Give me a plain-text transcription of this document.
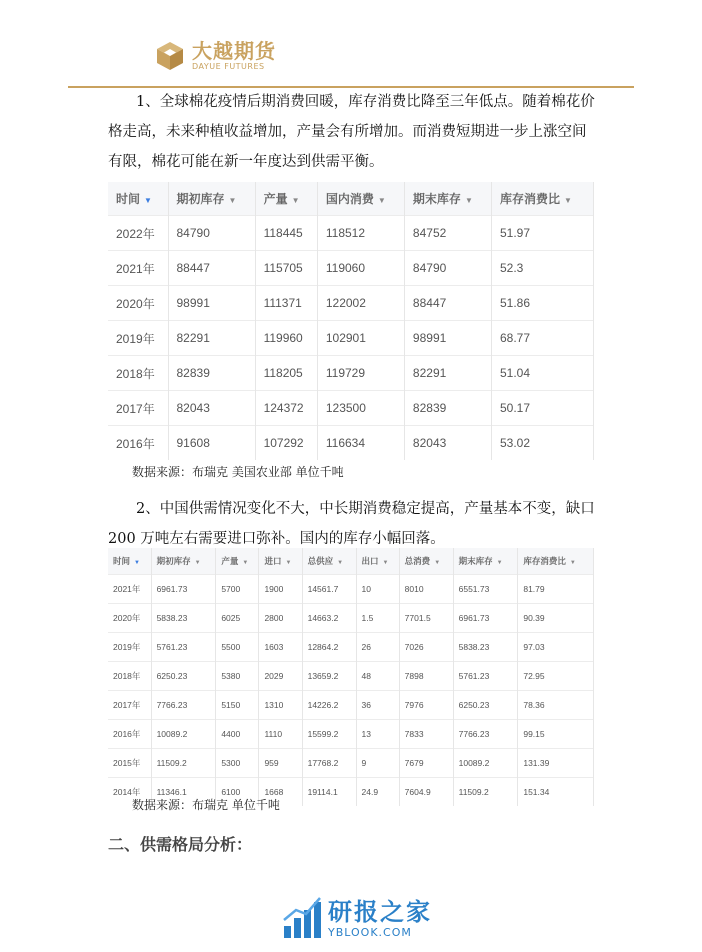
大越期货
DAYUE FUTURES
1、全球棉花疫情后期消费回暖，库存消费比降至三年低点。随着棉花价格走高，未来种植收益增加，产量会有所增加。而消费短期进一步上涨空间有限，棉花可能在新一年度达到供需平衡。
时间 ▼	期初库存 ▼	产量 ▼	国内消费 ▼	期末库存 ▼	库存消费比 ▼
2022年	84790	118445	118512	84752	51.97
2021年	88447	115705	119060	84790	52.3
2020年	98991	111371	122002	88447	51.86
2019年	82291	119960	102901	98991	68.77
2018年	82839	118205	119729	82291	51.04
2017年	82043	124372	123500	82839	50.17
2016年	91608	107292	116634	82043	53.02
数据来源：布瑞克 美国农业部 单位千吨
2、中国供需情况变化不大，中长期消费稳定提高，产量基本不变，缺口 200 万吨左右需要进口弥补。国内的库存小幅回落。
时间 ▼	期初库存 ▼	产量 ▼	进口 ▼	总供应 ▼	出口 ▼	总消费 ▼	期末库存 ▼	库存消费比 ▼
2021年	6961.73	5700	1900	14561.7	10	8010	6551.73	81.79
2020年	5838.23	6025	2800	14663.2	1.5	7701.5	6961.73	90.39
2019年	5761.23	5500	1603	12864.2	26	7026	5838.23	97.03
2018年	6250.23	5380	2029	13659.2	48	7898	5761.23	72.95
2017年	7766.23	5150	1310	14226.2	36	7976	6250.23	78.36
2016年	10089.2	4400	1110	15599.2	13	7833	7766.23	99.15
2015年	11509.2	5300	959	17768.2	9	7679	10089.2	131.39
2014年	11346.1	6100	1668	19114.1	24.9	7604.9	11509.2	151.34
数据来源：布瑞克 单位千吨
二、供需格局分析：
研报之家
YBLOOK.COM
